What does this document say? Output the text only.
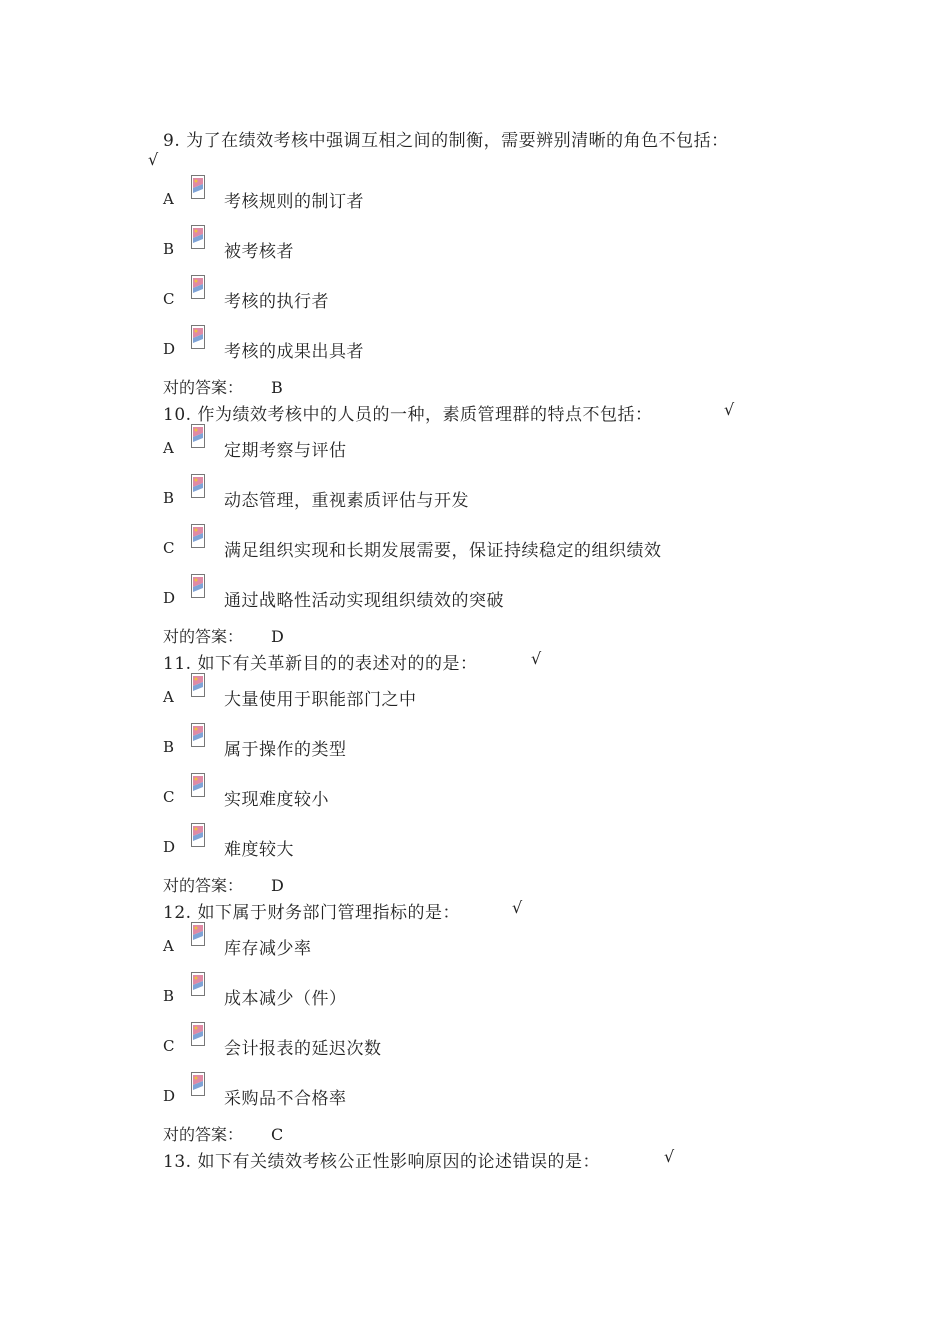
9. 为了在绩效考核中强调互相之间的制衡，需要辨别清晰的角色不包括：
√
A	考核规则的制订者
B	被考核者
C	考核的执行者
D	考核的成果出具者
对的答案： B
10. 作为绩效考核中的人员的一种，素质管理群的特点不包括：	√
A	定期考察与评估
B	动态管理，重视素质评估与开发
C	满足组织实现和长期发展需要，保证持续稳定的组织绩效
D	通过战略性活动实现组织绩效的突破
对的答案： D
11. 如下有关革新目的的表述对的的是：	√
A	大量使用于职能部门之中
B	属于操作的类型
C	实现难度较小
D	难度较大
对的答案： D
12. 如下属于财务部门管理指标的是：	√
A	库存减少率
B	成本减少（件）
C	会计报表的延迟次数
D	采购品不合格率
对的答案： C
13. 如下有关绩效考核公正性影响原因的论述错误的是：	√
